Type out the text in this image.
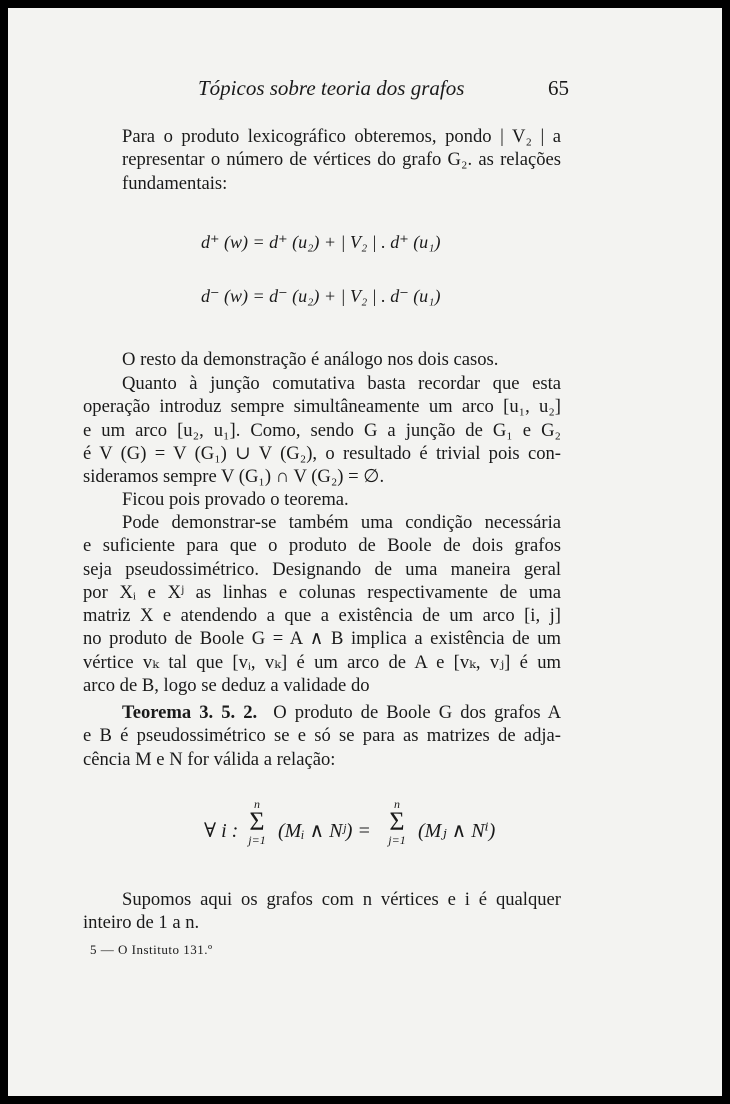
Tópicos sobre teoria dos grafos	65
Para o produto lexicográfico obteremos, pondo | V₂ | a
representar o número de vértices do grafo G₂. as relações
fundamentais:
d⁺ (w) = d⁺ (u₂) + | V₂ | . d⁺ (u₁)
d⁻ (w) = d⁻ (u₂) + | V₂ | . d⁻ (u₁)
O resto da demonstração é análogo nos dois casos.
Quanto à junção comutativa basta recordar que esta
operação introduz sempre simultâneamente um arco [u₁, u₂]
e um arco [u₂, u₁]. Como, sendo G a junção de G₁ e G₂
é V (G) = V (G₁) ∪ V (G₂), o resultado é trivial pois con-
sideramos sempre V (G₁) ∩ V (G₂) = ∅.
Ficou pois provado o teorema.
Pode demonstrar-se também uma condição necessária
e suficiente para que o produto de Boole de dois grafos
seja pseudossimétrico. Designando de uma maneira geral
por Xᵢ e Xʲ as linhas e colunas respectivamente de uma
matriz X e atendendo a que a existência de um arco [i, j]
no produto de Boole G = A ∧ B implica a existência de um
vértice vₖ tal que [vᵢ, vₖ] é um arco de A e [vₖ, vⱼ] é um
arco de B, logo se deduz a validade do
Teorema 3. 5. 2. O produto de Boole G dos grafos A
e B é pseudossimétrico se e só se para as matrizes de adja-
cência M e N for válida a relação:
∀ i :
n
Σ
j=1 (Mᵢ ∧ Nʲ) =
n
Σ
j=1 (Mⱼ ∧ Nⁱ)
Supomos aqui os grafos com n vértices e i é qualquer
inteiro de 1 a n.
5 — O Instituto 131.º
